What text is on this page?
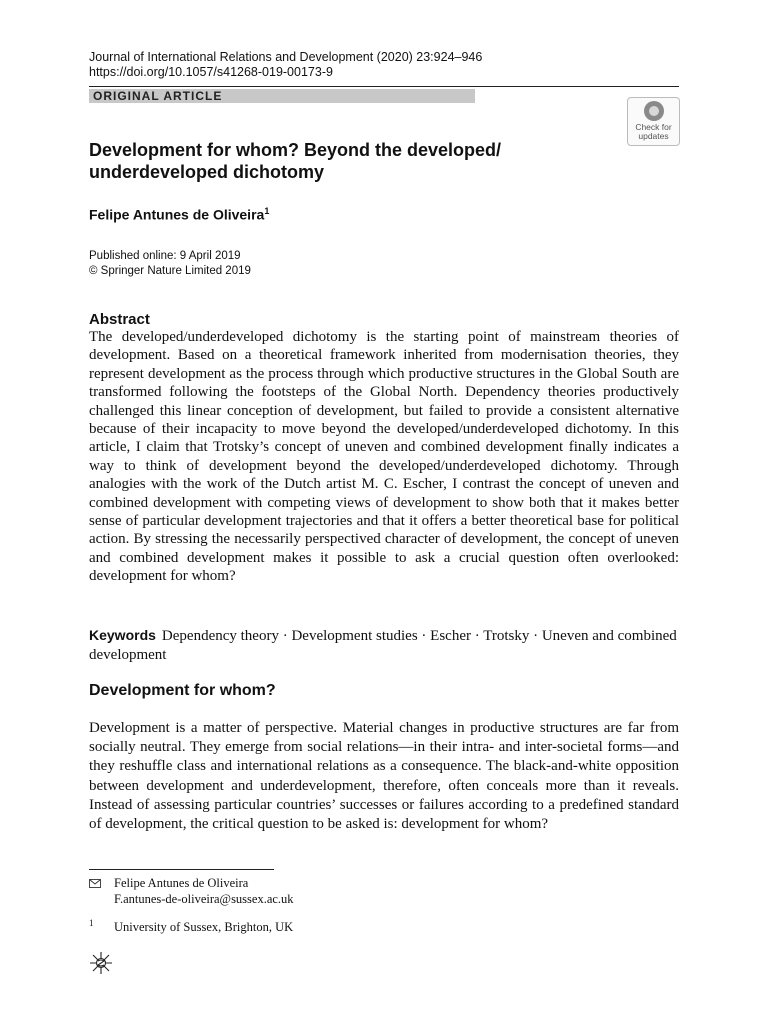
Journal of International Relations and Development (2020) 23:924–946
https://doi.org/10.1057/s41268-019-00173-9
ORIGINAL ARTICLE
Check for
updates
Development for whom? Beyond the developed/
underdeveloped dichotomy
Felipe Antunes de Oliveira$^1$
Published online: 9 April 2019
© Springer Nature Limited 2019
Abstract
The developed/underdeveloped dichotomy is the starting point of mainstream theories of development. Based on a theoretical framework inherited from modernisation theories, they represent development as the process through which productive structures in the Global South are transformed following the footsteps of the Global North. Dependency theories productively challenged this linear conception of development, but failed to provide a consistent alternative because of their incapacity to move beyond the developed/underdeveloped dichotomy. In this article, I claim that Trotsky’s concept of uneven and combined development finally indicates a way to think of development beyond the developed/underdeveloped dichotomy. Through analogies with the work of the Dutch artist M. C. Escher, I contrast the concept of uneven and combined development with competing views of development to show both that it makes better sense of particular development trajectories and that it offers a better theoretical base for political action. By stressing the necessarily perspectived character of development, the concept of uneven and combined development makes it possible to ask a crucial question often overlooked: development for whom?
Keywords Dependency theory · Development studies · Escher · Trotsky · Uneven and combined development
Development for whom?
Development is a matter of perspective. Material changes in productive structures are far from socially neutral. They emerge from social relations—in their intra- and inter-societal forms—and they reshuffle class and international relations as a consequence. The black-and-white opposition between development and underdevelopment, therefore, often conceals more than it reveals. Instead of assessing particular countries’ successes or failures according to a predefined standard of development, the critical question to be asked is: development for whom?
Felipe Antunes de Oliveira
F.antunes-de-oliveira@sussex.ac.uk
1 University of Sussex, Brighton, UK
